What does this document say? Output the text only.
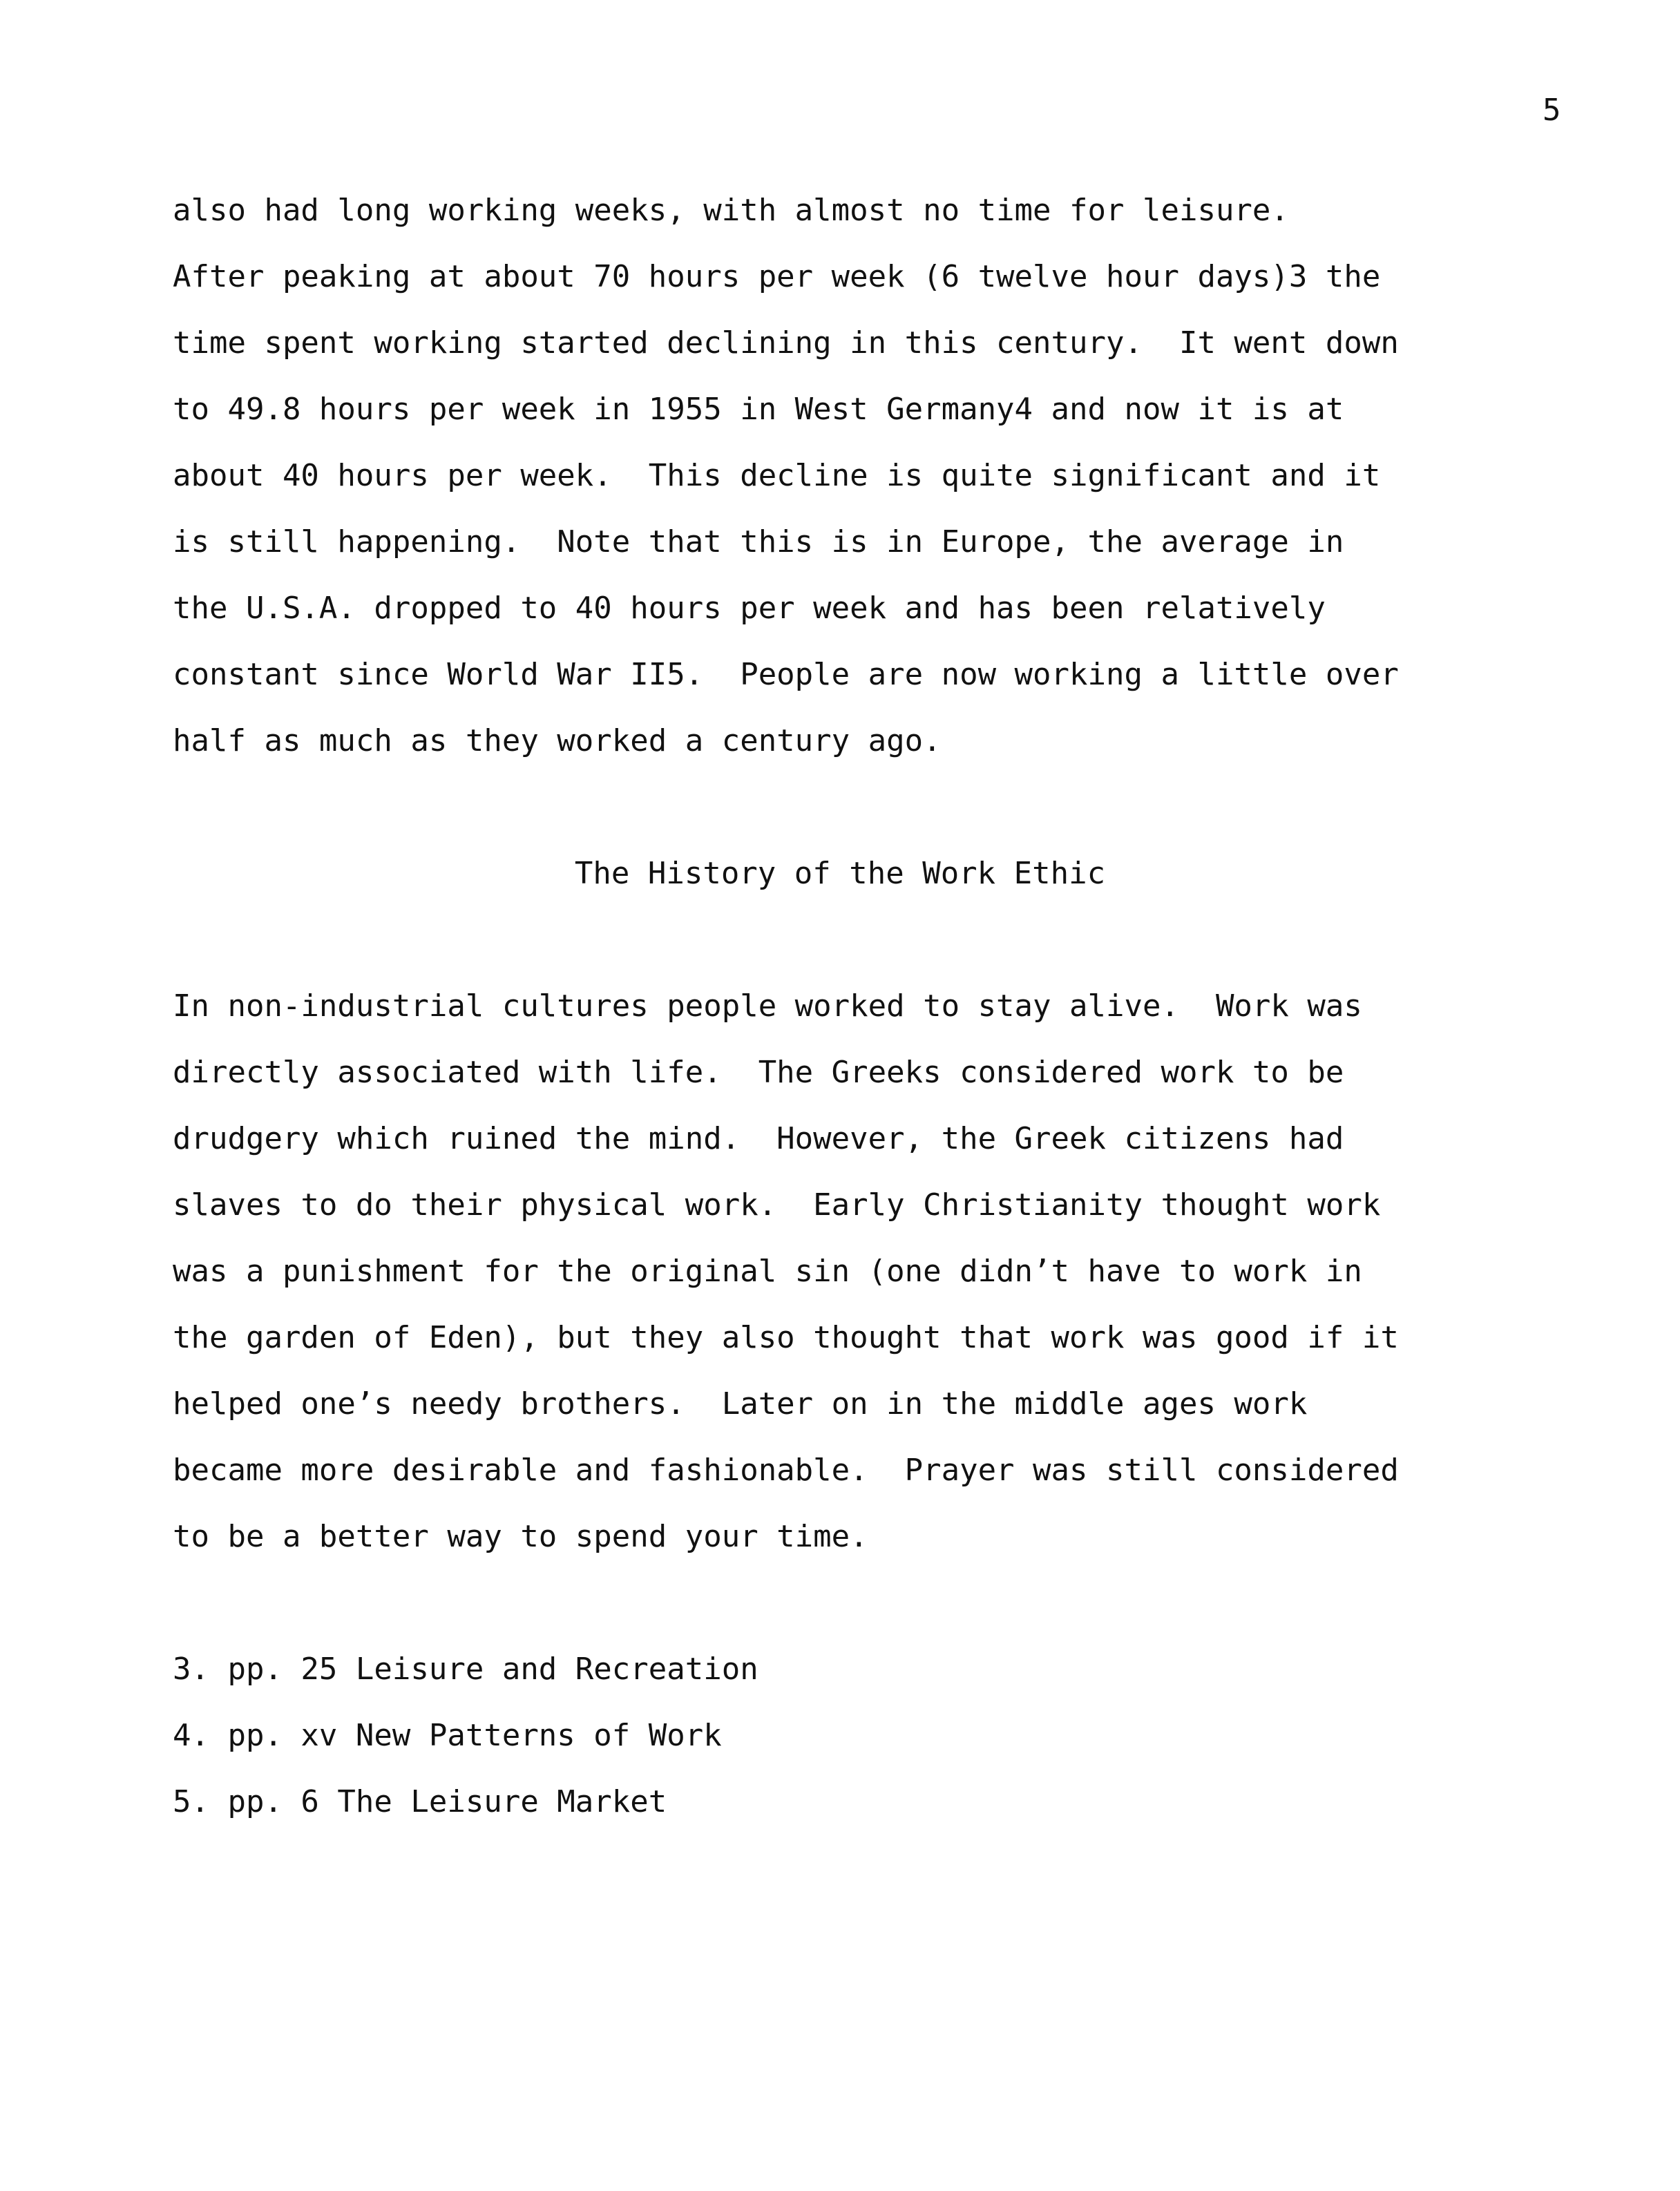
5
also had long working weeks, with almost no time for leisure.
After peaking at about 70 hours per week (6 twelve hour days)3 the
time spent working started declining in this century.  It went down
to 49.8 hours per week in 1955 in West Germany4 and now it is at
about 40 hours per week.  This decline is quite significant and it
is still happening.  Note that this is in Europe, the average in
the U.S.A. dropped to 40 hours per week and has been relatively
constant since World War II5.  People are now working a little over
half as much as they worked a century ago.
The History of the Work Ethic
In non-industrial cultures people worked to stay alive.  Work was
directly associated with life.  The Greeks considered work to be
drudgery which ruined the mind.  However, the Greek citizens had
slaves to do their physical work.  Early Christianity thought work
was a punishment for the original sin (one didn’t have to work in
the garden of Eden), but they also thought that work was good if it
helped one’s needy brothers.  Later on in the middle ages work
became more desirable and fashionable.  Prayer was still considered
to be a better way to spend your time.
3. pp. 25 Leisure and Recreation
4. pp. xv New Patterns of Work
5. pp. 6 The Leisure Market
